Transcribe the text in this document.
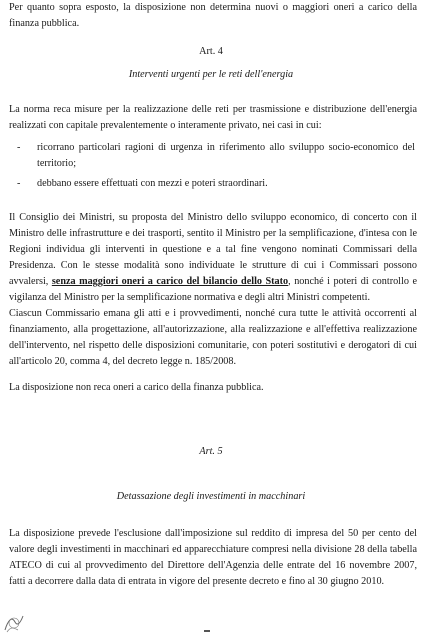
Per quanto sopra esposto, la disposizione non determina nuovi o maggiori oneri a carico della finanza pubblica.

Art. 4

Interventi urgenti per le reti dell'energia

La norma reca misure per la realizzazione delle reti per trasmissione e distribuzione dell'energia realizzati con capitale prevalentemente o interamente privato, nei casi in cui:

- ricorrano particolari ragioni di urgenza in riferimento allo sviluppo socio-economico del territorio;
- debbano essere effettuati con mezzi e poteri straordinari.

Il Consiglio dei Ministri, su proposta del Ministro dello sviluppo economico, di concerto con il Ministro delle infrastrutture e dei trasporti, sentito il Ministro per la semplificazione, d'intesa con le Regioni individua gli interventi in questione e a tal fine vengono nominati Commissari della Presidenza. Con le stesse modalità sono individuate le strutture di cui i Commissari possono avvalersi, senza maggiori oneri a carico del bilancio dello Stato, nonché i poteri di controllo e vigilanza del Ministro per la semplificazione normativa e degli altri Ministri competenti.

Ciascun Commissario emana gli atti e i provvedimenti, nonché cura tutte le attività occorrenti al finanziamento, alla progettazione, all'autorizzazione, alla realizzazione e all'effettiva realizzazione dell'intervento, nel rispetto delle disposizioni comunitarie, con poteri sostitutivi e derogatori di cui all'articolo 20, comma 4, del decreto legge n. 185/2008.

La disposizione non reca oneri a carico della finanza pubblica.

Art. 5

Detassazione degli investimenti in macchinari

La disposizione prevede l'esclusione dall'imposizione sul reddito di impresa del 50 per cento del valore degli investimenti in macchinari ed apparecchiature compresi nella divisione 28 della tabella ATECO di cui al provvedimento del Direttore dell'Agenzia delle entrate del 16 novembre 2007, fatti a decorrere dalla data di entrata in vigore del presente decreto e fino al 30 giugno 2010.
